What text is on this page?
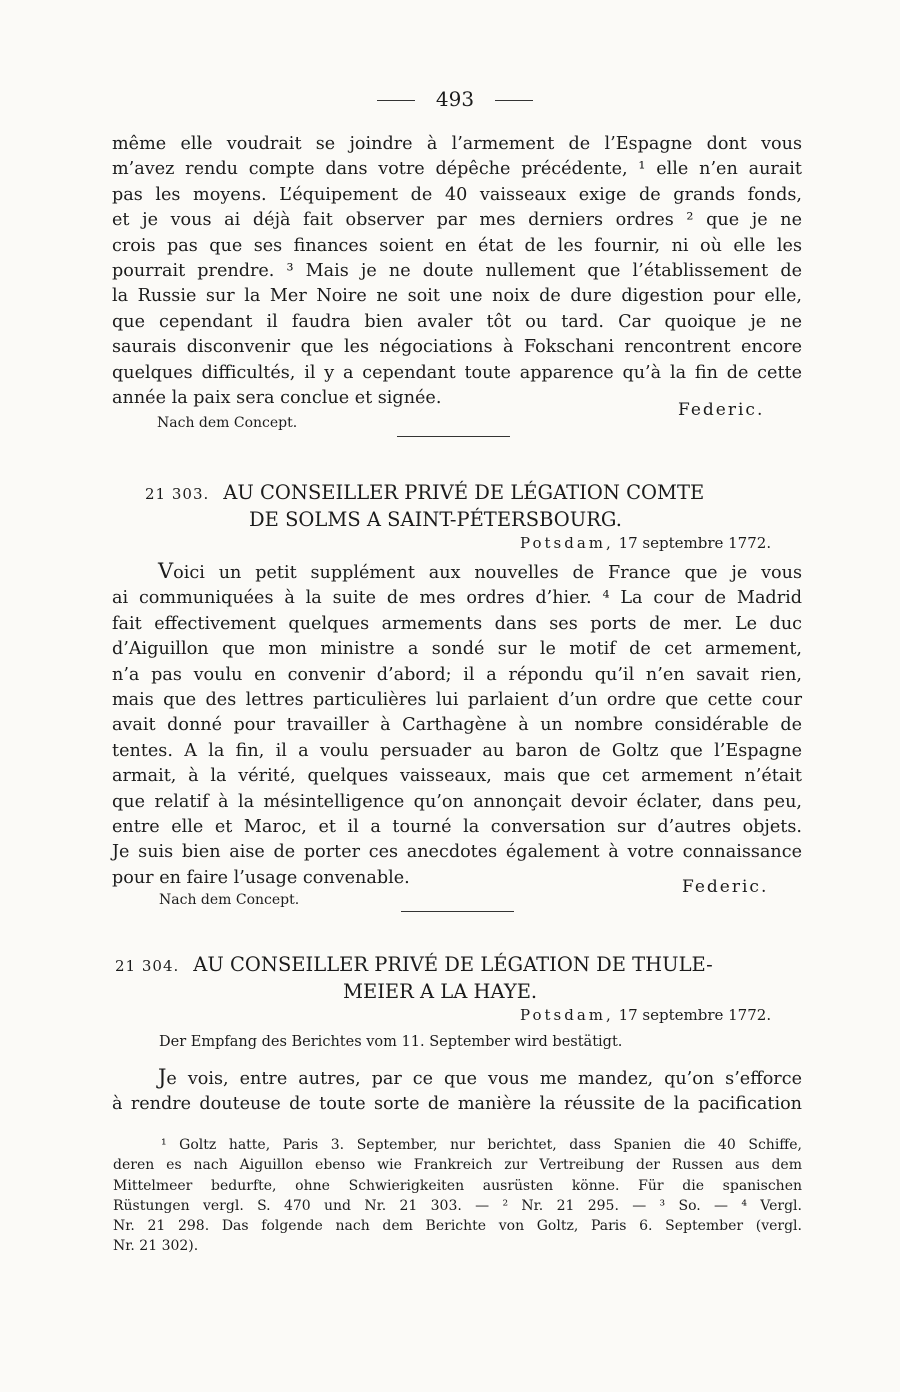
493

même elle voudrait se joindre à l’armement de l’Espagne dont vous

m’avez rendu compte dans votre dépêche précédente, ¹ elle n’en aurait

pas les moyens. L’équipement de 40 vaisseaux exige de grands fonds,

et je vous ai déjà fait observer par mes derniers ordres ² que je ne

crois pas que ses finances soient en état de les fournir, ni où elle les

pourrait prendre. ³ Mais je ne doute nullement que l’établissement de

la Russie sur la Mer Noire ne soit une noix de dure digestion pour elle,

que cependant il faudra bien avaler tôt ou tard. Car quoique je ne

saurais disconvenir que les négociations à Fokschani rencontrent encore

quelques difficultés, il y a cependant toute apparence qu’à la fin de cette

année la paix sera conclue et signée.

Federic.
Nach dem Concept.
21 303. AU CONSEILLER PRIVÉ DE LÉGATION COMTE
DE SOLMS A SAINT-PÉTERSBOURG.
Potsdam, 17 septembre 1772.

Voici un petit supplément aux nouvelles de France que je vous

ai communiquées à la suite de mes ordres d’hier. ⁴ La cour de Madrid

fait effectivement quelques armements dans ses ports de mer. Le duc

d’Aiguillon que mon ministre a sondé sur le motif de cet armement,

n’a pas voulu en convenir d’abord; il a répondu qu’il n’en savait rien,

mais que des lettres particulières lui parlaient d’un ordre que cette cour

avait donné pour travailler à Carthagène à un nombre considérable de

tentes. A la fin, il a voulu persuader au baron de Goltz que l’Espagne

armait, à la vérité, quelques vaisseaux, mais que cet armement n’était

que relatif à la mésintelligence qu’on annonçait devoir éclater, dans peu,

entre elle et Maroc, et il a tourné la conversation sur d’autres objets.

Je suis bien aise de porter ces anecdotes également à votre connaissance

pour en faire l’usage convenable.	Federic.
Nach dem Concept.
21 304. AU CONSEILLER PRIVÉ DE LÉGATION DE THULE-
MEIER A LA HAYE.
Potsdam, 17 septembre 1772.
Der Empfang des Berichtes vom 11. September wird bestätigt.

Je vois, entre autres, par ce que vous me mandez, qu’on s’efforce

à rendre douteuse de toute sorte de manière la réussite de la pacification

¹ Goltz hatte, Paris 3. September, nur berichtet, dass Spanien die 40 Schiffe,

deren es nach Aiguillon ebenso wie Frankreich zur Vertreibung der Russen aus dem

Mittelmeer bedurfte, ohne Schwierigkeiten ausrüsten könne. Für die spanischen

Rüstungen vergl. S. 470 und Nr. 21 303. — ² Nr. 21 295. — ³ So. — ⁴ Vergl.

Nr. 21 298. Das folgende nach dem Berichte von Goltz, Paris 6. September (vergl.

Nr. 21 302).
